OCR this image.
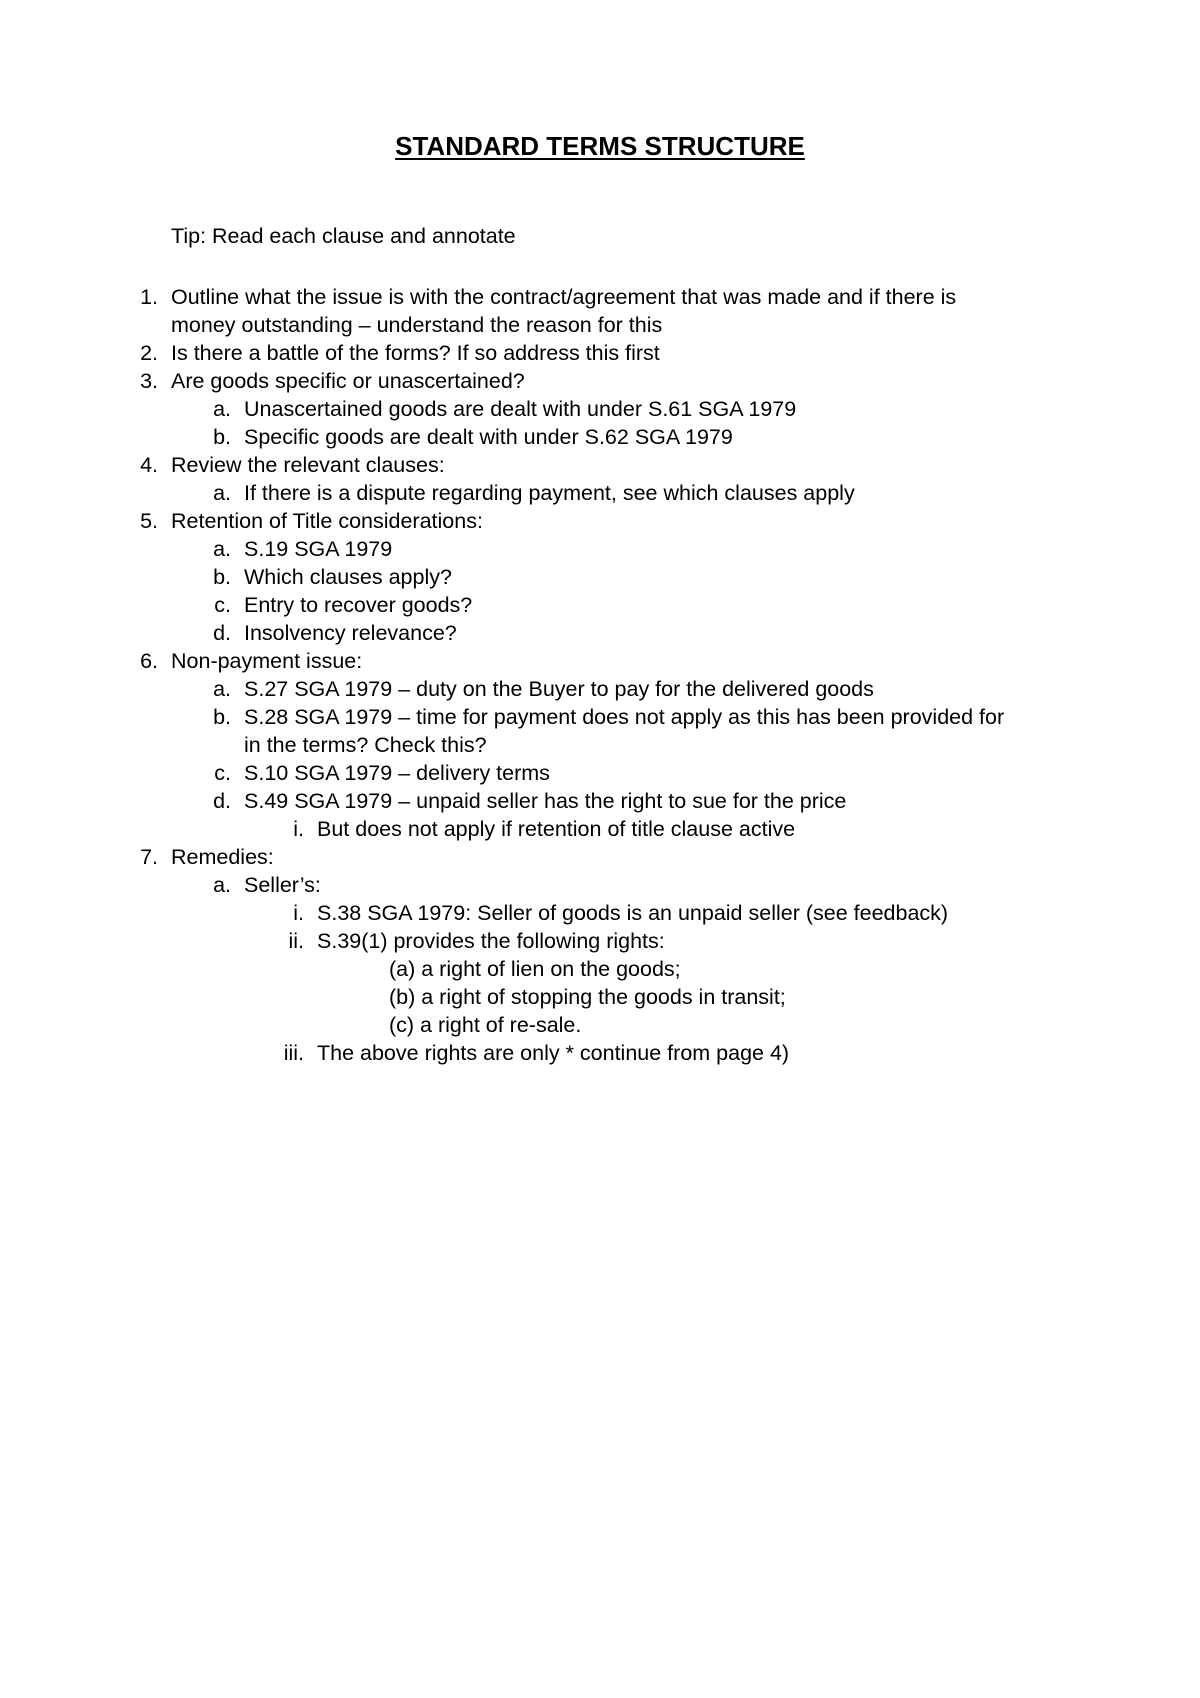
STANDARD TERMS STRUCTURE
Tip: Read each clause and annotate
1. Outline what the issue is with the contract/agreement that was made and if there is
money outstanding – understand the reason for this
2. Is there a battle of the forms? If so address this first
3. Are goods specific or unascertained?
a. Unascertained goods are dealt with under S.61 SGA 1979
b. Specific goods are dealt with under S.62 SGA 1979
4. Review the relevant clauses:
a. If there is a dispute regarding payment, see which clauses apply
5. Retention of Title considerations:
a. S.19 SGA 1979
b. Which clauses apply?
c. Entry to recover goods?
d. Insolvency relevance?
6. Non-payment issue:
a. S.27 SGA 1979 – duty on the Buyer to pay for the delivered goods
b. S.28 SGA 1979 – time for payment does not apply as this has been provided for
in the terms? Check this?
c. S.10 SGA 1979 – delivery terms
d. S.49 SGA 1979 – unpaid seller has the right to sue for the price
i. But does not apply if retention of title clause active
7. Remedies:
a. Seller’s:
i. S.38 SGA 1979: Seller of goods is an unpaid seller (see feedback)
ii. S.39(1) provides the following rights:
(a) a right of lien on the goods;
(b) a right of stopping the goods in transit;
(c) a right of re-sale.
iii. The above rights are only * continue from page 4)
